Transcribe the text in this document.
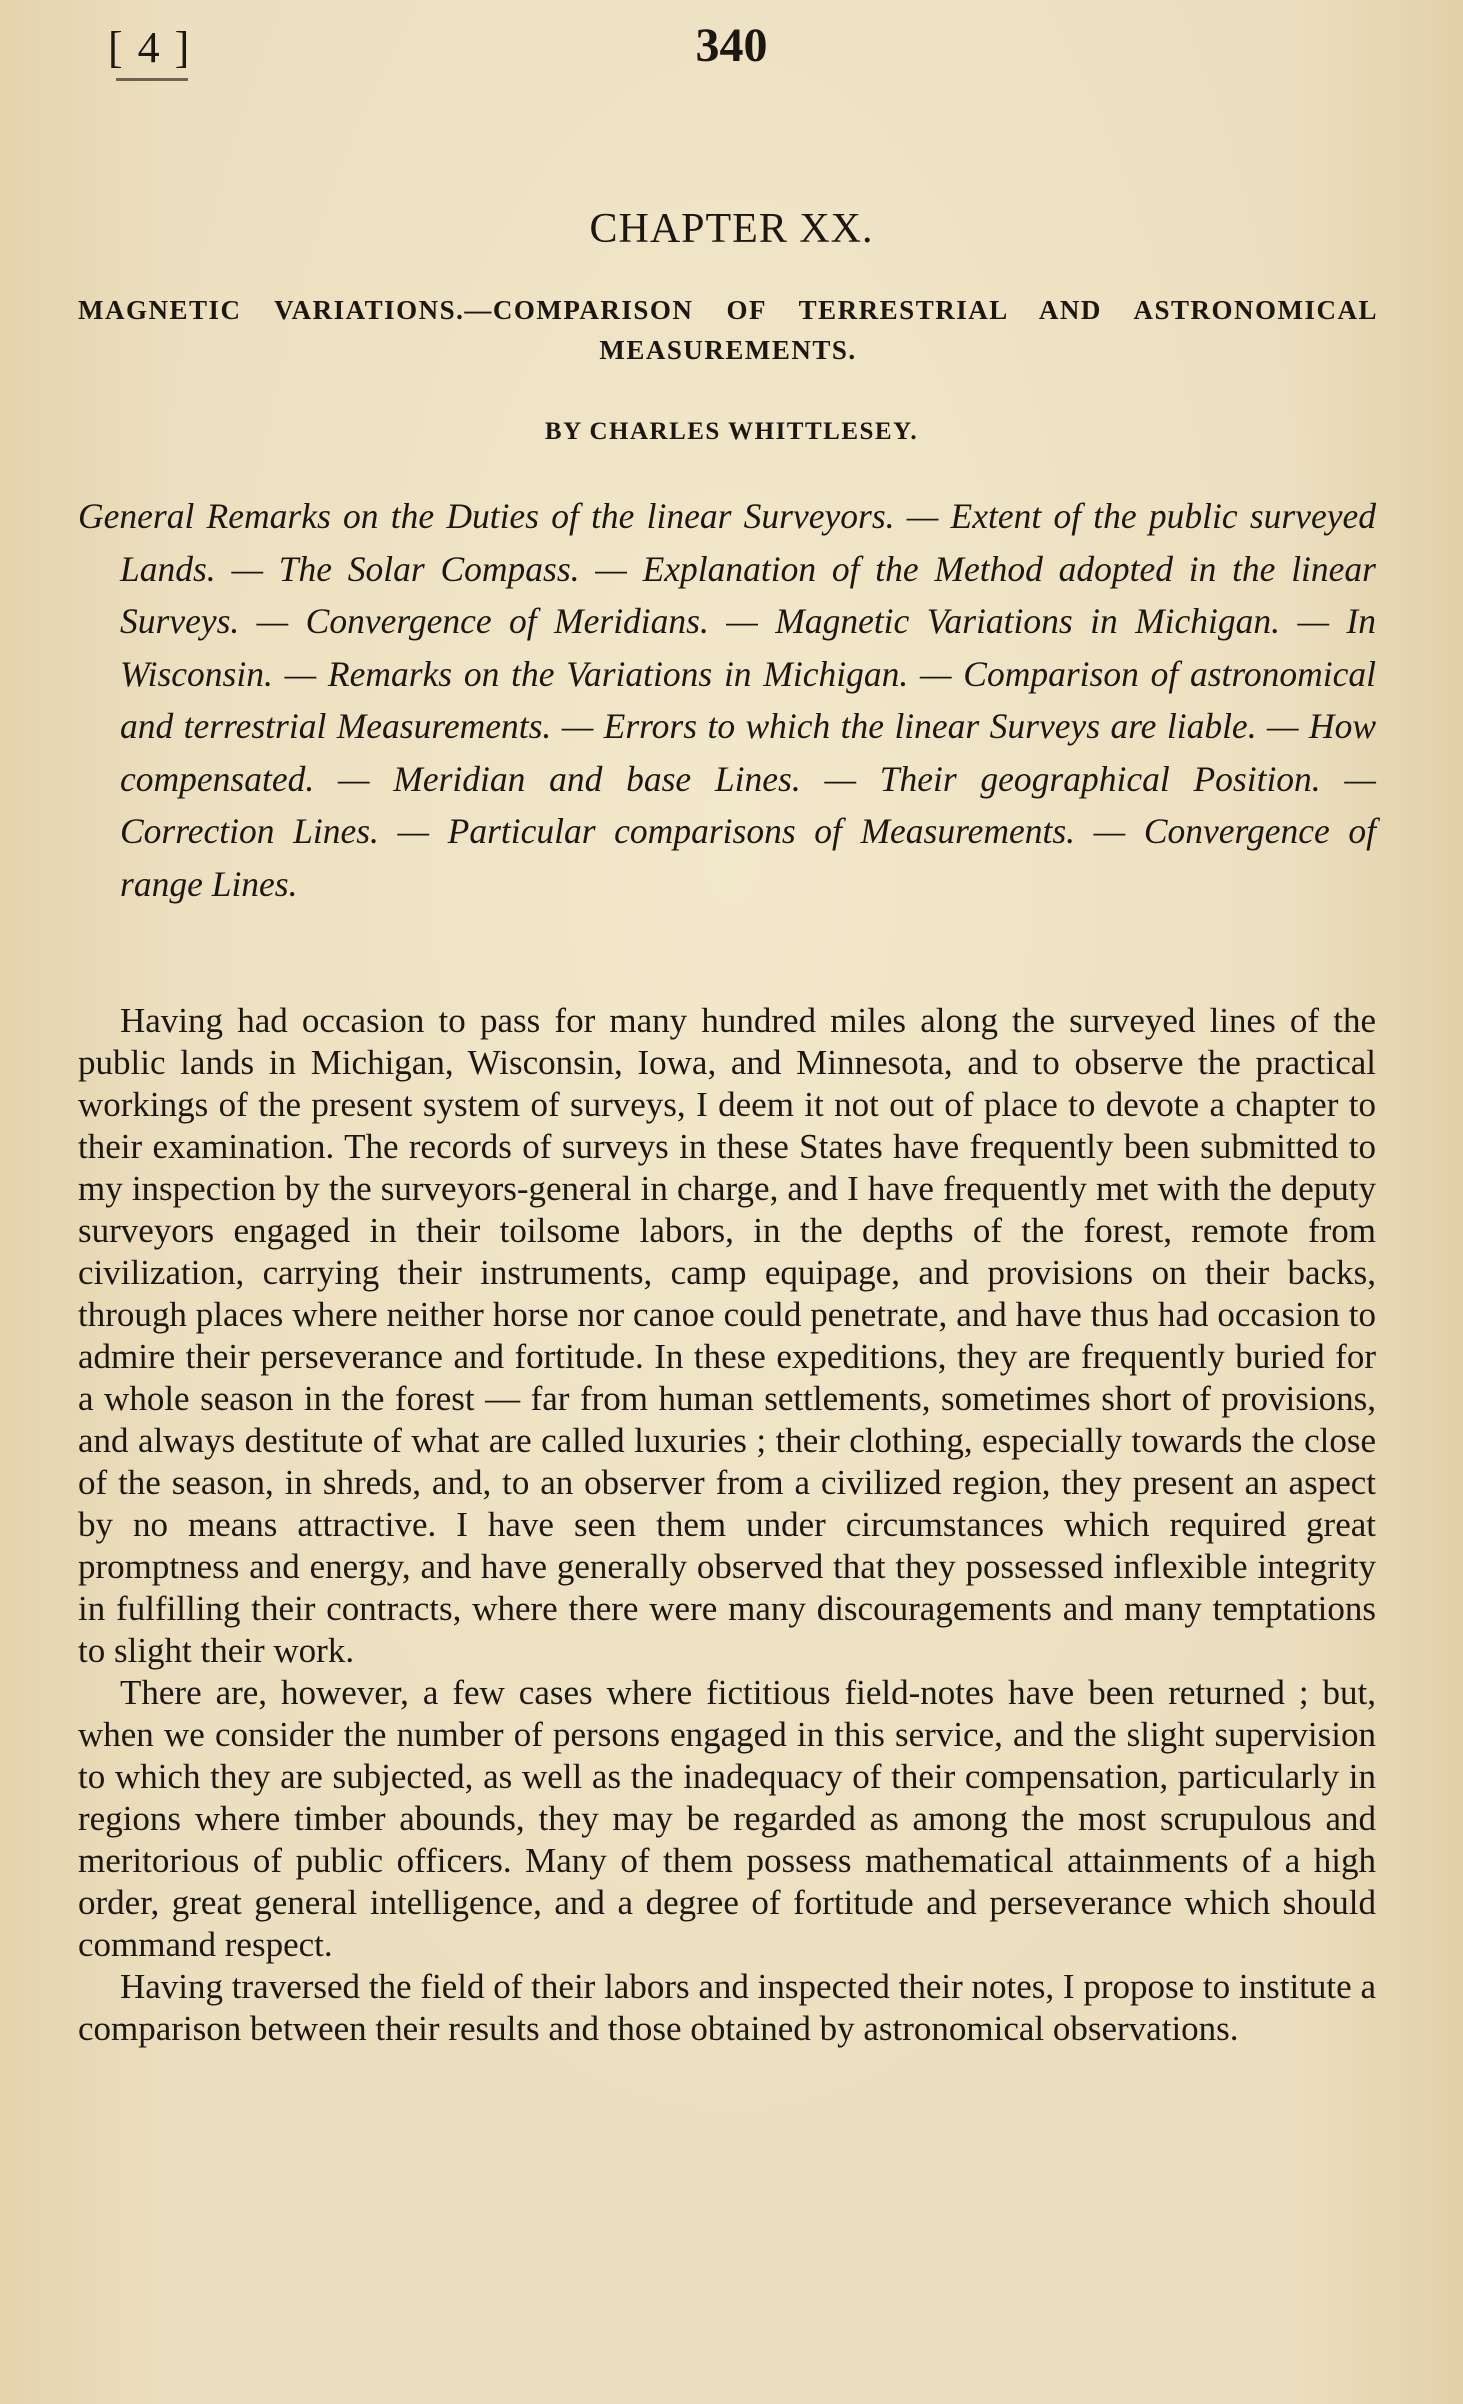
[ 4 ]	340
CHAPTER XX.
MAGNETIC VARIATIONS.—COMPARISON OF TERRESTRIAL AND ASTRONOMICAL MEASUREMENTS.
BY CHARLES WHITTLESEY.
General Remarks on the Duties of the linear Surveyors. — Extent of the public surveyed Lands. — The Solar Compass. — Explanation of the Method adopted in the linear Surveys. — Convergence of Meridians. — Magnetic Variations in Michigan. — In Wisconsin. — Remarks on the Variations in Michigan. — Comparison of astronomical and terrestrial Measurements. — Errors to which the linear Surveys are liable. — How compensated. — Meridian and base Lines. — Their geographical Position. — Correction Lines. — Particular comparisons of Measurements. — Convergence of range Lines.

Having had occasion to pass for many hundred miles along the surveyed lines of the public lands in Michigan, Wisconsin, Iowa, and Minnesota, and to observe the practical workings of the present system of surveys, I deem it not out of place to devote a chapter to their examination. The records of surveys in these States have frequently been submitted to my inspection by the surveyors-general in charge, and I have frequently met with the deputy surveyors engaged in their toilsome labors, in the depths of the forest, remote from civilization, carrying their instruments, camp equipage, and provisions on their backs, through places where neither horse nor canoe could penetrate, and have thus had occasion to admire their perseverance and fortitude. In these expeditions, they are frequently buried for a whole season in the forest — far from human settlements, sometimes short of provisions, and always destitute of what are called luxuries ; their clothing, especially towards the close of the season, in shreds, and, to an observer from a civilized region, they present an aspect by no means attractive. I have seen them under circumstances which required great promptness and energy, and have generally observed that they possessed inflexible integrity in fulfilling their contracts, where there were many discouragements and many temptations to slight their work.

There are, however, a few cases where fictitious field-notes have been returned ; but, when we consider the number of persons engaged in this service, and the slight supervision to which they are subjected, as well as the inadequacy of their compensation, particularly in regions where timber abounds, they may be regarded as among the most scrupulous and meritorious of public officers. Many of them possess mathematical attainments of a high order, great general intelligence, and a degree of fortitude and perseverance which should command respect.

Having traversed the field of their labors and inspected their notes, I propose to institute a comparison between their results and those obtained by astronomical observations.
